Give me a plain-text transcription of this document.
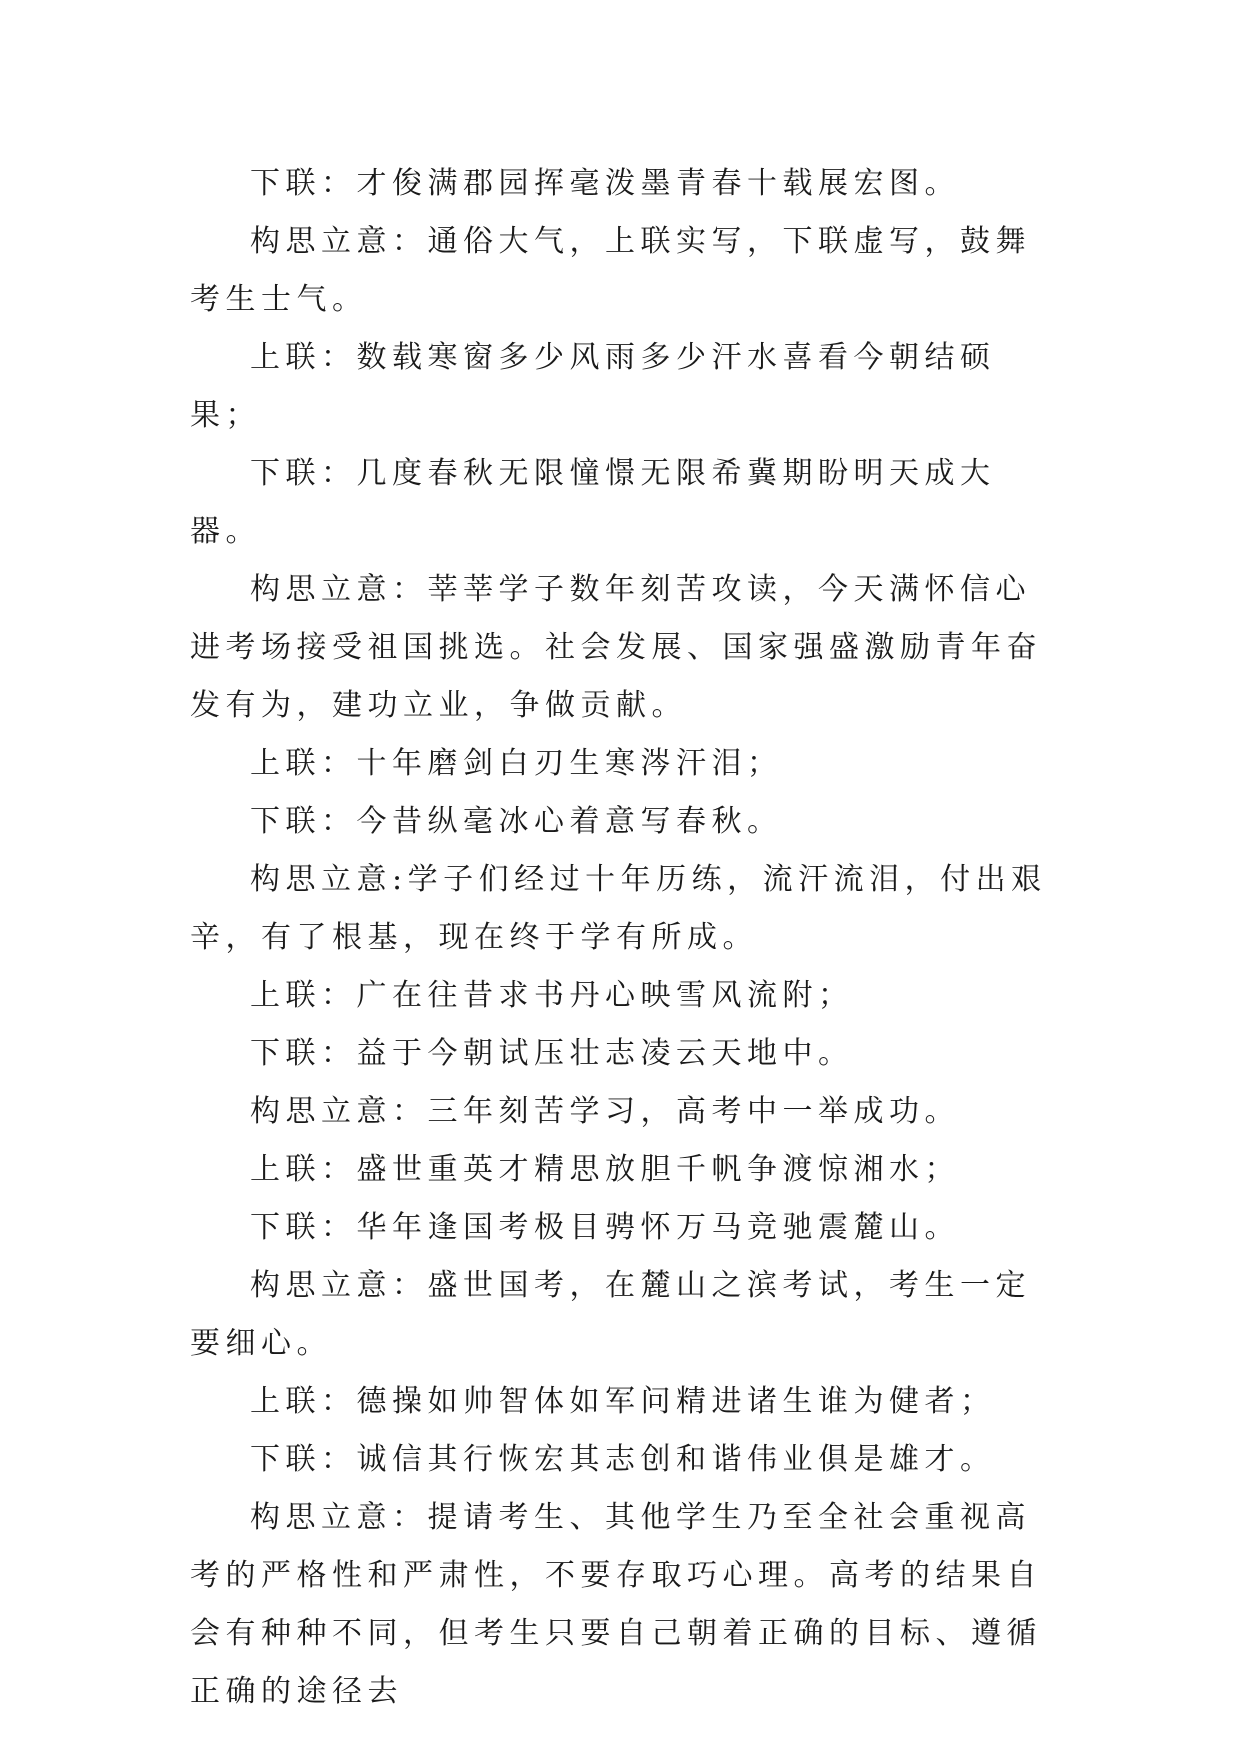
下联：才俊满郡园挥毫泼墨青春十载展宏图。

构思立意：通俗大气，上联实写，下联虚写，鼓舞考生士气。

上联：数载寒窗多少风雨多少汗水喜看今朝结硕果；

下联：几度春秋无限憧憬无限希冀期盼明天成大器。

构思立意：莘莘学子数年刻苦攻读，今天满怀信心进考场接受祖国挑选。社会发展、国家强盛激励青年奋发有为，建功立业，争做贡献。

上联：十年磨剑白刃生寒涔汗泪；

下联：今昔纵毫冰心着意写春秋。

构思立意:学子们经过十年历练，流汗流泪，付出艰辛，有了根基，现在终于学有所成。

上联：广在往昔求书丹心映雪风流附；

下联：益于今朝试压壮志凌云天地中。

构思立意：三年刻苦学习，高考中一举成功。

上联：盛世重英才精思放胆千帆争渡惊湘水；

下联：华年逢国考极目骋怀万马竞驰震麓山。

构思立意：盛世国考，在麓山之滨考试，考生一定要细心。

上联：德操如帅智体如军问精进诸生谁为健者；

下联：诚信其行恢宏其志创和谐伟业俱是雄才。

构思立意：提请考生、其他学生乃至全社会重视高考的严格性和严肃性，不要存取巧心理。高考的结果自会有种种不同，但考生只要自己朝着正确的目标、遵循正确的途径去
